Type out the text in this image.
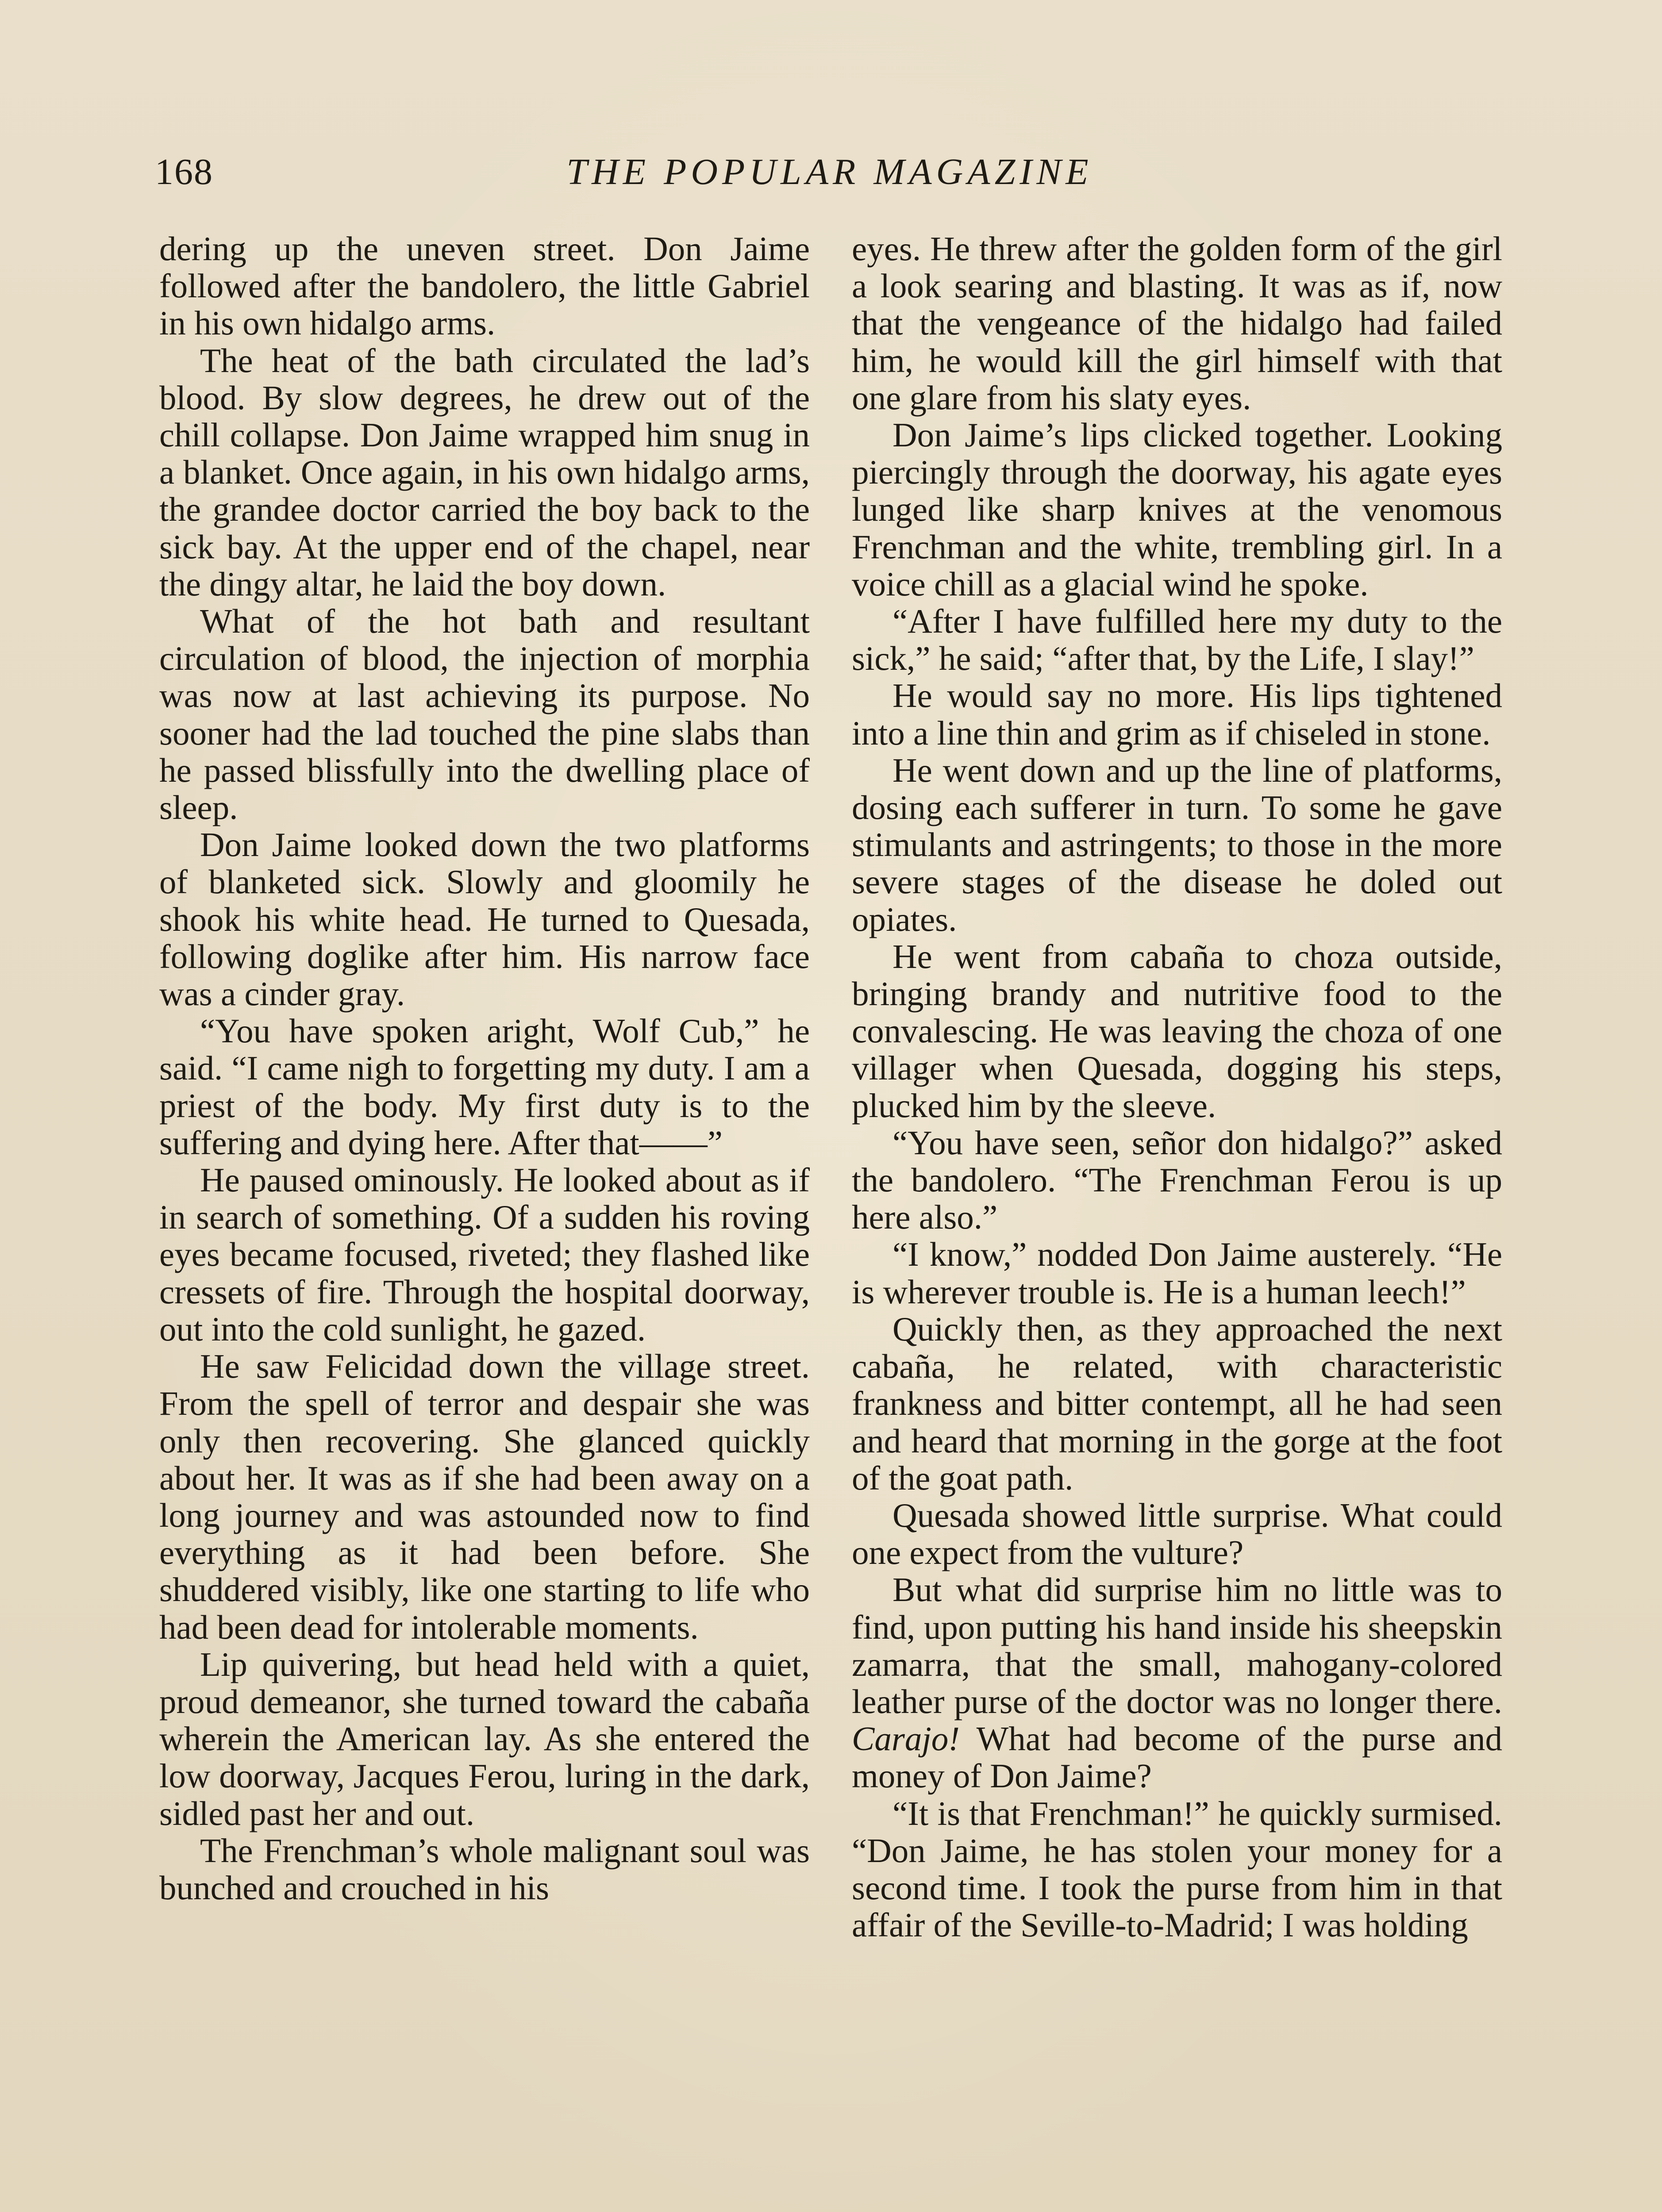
168	THE POPULAR MAGAZINE

dering up the uneven street. Don Jaime followed after the bandolero, the little Gabriel in his own hidalgo arms.

The heat of the bath circulated the lad’s blood. By slow degrees, he drew out of the chill collapse. Don Jaime wrapped him snug in a blanket. Once again, in his own hidalgo arms, the grandee doctor carried the boy back to the sick bay. At the upper end of the chapel, near the dingy altar, he laid the boy down.

What of the hot bath and resultant circulation of blood, the injection of morphia was now at last achieving its purpose. No sooner had the lad touched the pine slabs than he passed blissfully into the dwelling place of sleep.

Don Jaime looked down the two platforms of blanketed sick. Slowly and gloomily he shook his white head. He turned to Quesada, following doglike after him. His narrow face was a cinder gray.

“You have spoken aright, Wolf Cub,” he said. “I came nigh to forgetting my duty. I am a priest of the body. My first duty is to the suffering and dying here. After that——”

He paused ominously. He looked about as if in search of something. Of a sudden his roving eyes became focused, riveted; they flashed like cressets of fire. Through the hospital doorway, out into the cold sunlight, he gazed.

He saw Felicidad down the village street. From the spell of terror and despair she was only then recovering. She glanced quickly about her. It was as if she had been away on a long journey and was astounded now to find everything as it had been before. She shuddered visibly, like one starting to life who had been dead for intolerable moments.

Lip quivering, but head held with a quiet, proud demeanor, she turned toward the cabaña wherein the American lay. As she entered the low doorway, Jacques Ferou, luring in the dark, sidled past her and out.

The Frenchman’s whole malignant soul was bunched and crouched in his

eyes. He threw after the golden form of the girl a look searing and blasting. It was as if, now that the vengeance of the hidalgo had failed him, he would kill the girl himself with that one glare from his slaty eyes.

Don Jaime’s lips clicked together. Looking piercingly through the doorway, his agate eyes lunged like sharp knives at the venomous Frenchman and the white, trembling girl. In a voice chill as a glacial wind he spoke.

“After I have fulfilled here my duty to the sick,” he said; “after that, by the Life, I slay!”

He would say no more. His lips tightened into a line thin and grim as if chiseled in stone.

He went down and up the line of platforms, dosing each sufferer in turn. To some he gave stimulants and astringents; to those in the more severe stages of the disease he doled out opiates.

He went from cabaña to choza outside, bringing brandy and nutritive food to the convalescing. He was leaving the choza of one villager when Quesada, dogging his steps, plucked him by the sleeve.

“You have seen, señor don hidalgo?” asked the bandolero. “The Frenchman Ferou is up here also.”

“I know,” nodded Don Jaime austerely. “He is wherever trouble is. He is a human leech!”

Quickly then, as they approached the next cabaña, he related, with characteristic frankness and bitter contempt, all he had seen and heard that morning in the gorge at the foot of the goat path.

Quesada showed little surprise. What could one expect from the vulture?

But what did surprise him no little was to find, upon putting his hand inside his sheepskin zamarra, that the small, mahogany-colored leather purse of the doctor was no longer there. Carajo! What had become of the purse and money of Don Jaime?

“It is that Frenchman!” he quickly surmised. “Don Jaime, he has stolen your money for a second time. I took the purse from him in that affair of the Seville-to-Madrid; I was holding
